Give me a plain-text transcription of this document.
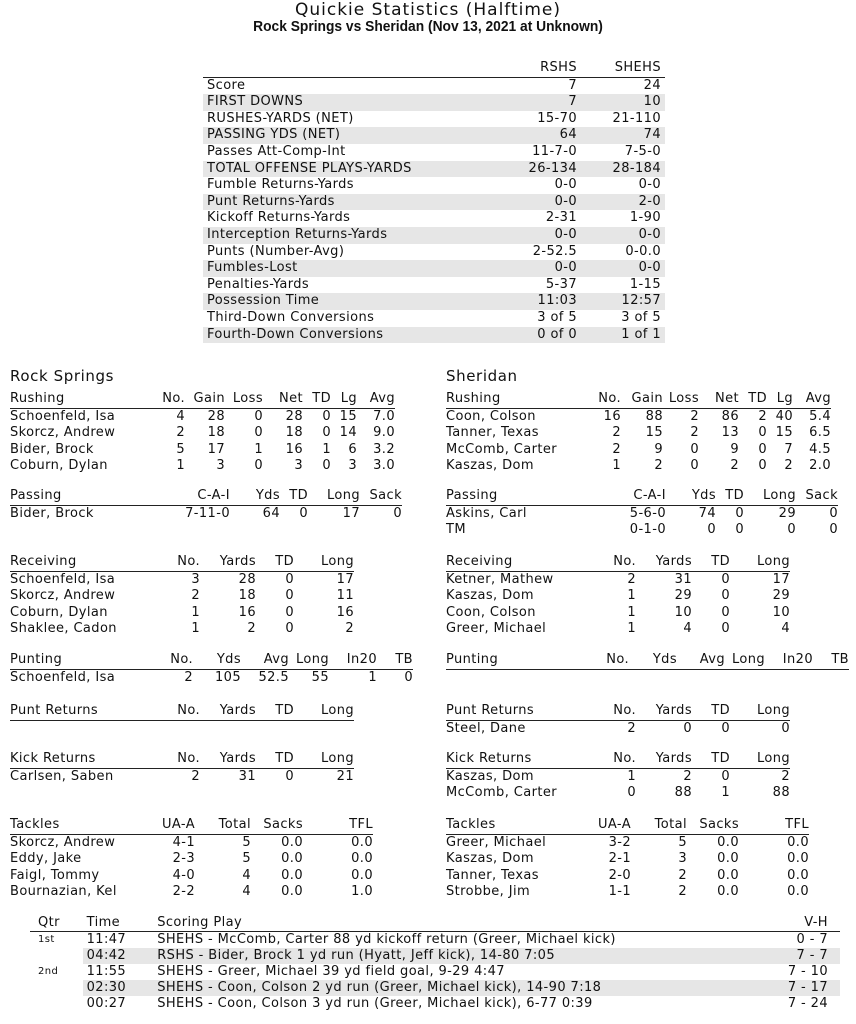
Quickie Statistics (Halftime)
Rock Springs vs Sheridan (Nov 13, 2021 at Unknown)
	RSHS	SHEHS
Score	7	24
FIRST DOWNS	7	10
RUSHES-YARDS (NET)	15-70	21-110
PASSING YDS (NET)	64	74
Passes Att-Comp-Int	11-7-0	7-5-0
TOTAL OFFENSE PLAYS-YARDS	26-134	28-184
Fumble Returns-Yards	0-0	0-0
Punt Returns-Yards	0-0	2-0
Kickoff Returns-Yards	2-31	1-90
Interception Returns-Yards	0-0	0-0
Punts (Number-Avg)	2-52.5	0-0.0
Fumbles-Lost	0-0	0-0
Penalties-Yards	5-37	1-15
Possession Time	11:03	12:57
Third-Down Conversions	3 of 5	3 of 5
Fourth-Down Conversions	0 of 0	1 of 1
Rock Springs	Sheridan
Rushing	No.	Gain	Loss	Net	TD	Lg	Avg
Schoenfeld, Isa	4	28	0	28	0	15	7.0
Skorcz, Andrew	2	18	0	18	0	14	9.0
Bider, Brock	5	17	1	16	1	6	3.2
Coburn, Dylan	1	3	0	3	0	3	3.0
Passing	C-A-I	Yds	TD	Long	Sack
Bider, Brock	7-11-0	64	0	17	0
Receiving	No.	Yards	TD	Long
Schoenfeld, Isa	3	28	0	17
Skorcz, Andrew	2	18	0	11
Coburn, Dylan	1	16	0	16
Shaklee, Cadon	1	2	0	2
Punting	No.	Yds	Avg	Long	In20	TB
Schoenfeld, Isa	2	105	52.5	55	1	0
Punt Returns	No.	Yards	TD	Long
Kick Returns	No.	Yards	TD	Long
Carlsen, Saben	2	31	0	21
Tackles	UA-A	Total	Sacks	TFL
Skorcz, Andrew	4-1	5	0.0	0.0
Eddy, Jake	2-3	5	0.0	0.0
Faigl, Tommy	4-0	4	0.0	0.0
Bournazian, Kel	2-2	4	0.0	1.0
Rushing	No.	Gain	Loss	Net	TD	Lg	Avg
Coon, Colson	16	88	2	86	2	40	5.4
Tanner, Texas	2	15	2	13	0	15	6.5
McComb, Carter	2	9	0	9	0	7	4.5
Kaszas, Dom	1	2	0	2	0	2	2.0
Passing	C-A-I	Yds	TD	Long	Sack
Askins, Carl	5-6-0	74	0	29	0
TM	0-1-0	0	0	0	0
Receiving	No.	Yards	TD	Long
Ketner, Mathew	2	31	0	17
Kaszas, Dom	1	29	0	29
Coon, Colson	1	10	0	10
Greer, Michael	1	4	0	4
Punting	No.	Yds	Avg	Long	In20	TB
Punt Returns	No.	Yards	TD	Long
Steel, Dane	2	0	0	0
Kick Returns	No.	Yards	TD	Long
Kaszas, Dom	1	2	0	2
McComb, Carter	0	88	1	88
Tackles	UA-A	Total	Sacks	TFL
Greer, Michael	3-2	5	0.0	0.0
Kaszas, Dom	2-1	3	0.0	0.0
Tanner, Texas	2-0	2	0.0	0.0
Strobbe, Jim	1-1	2	0.0	0.0
Qtr	Time	Scoring Play	V-H
1st	11:47	SHEHS - McComb, Carter 88 yd kickoff return (Greer, Michael kick)	0 - 7
	04:42	RSHS - Bider, Brock 1 yd run (Hyatt, Jeff kick), 14-80 7:05	7 - 7
2nd	11:55	SHEHS - Greer, Michael 39 yd field goal, 9-29 4:47	7 - 10
	02:30	SHEHS - Coon, Colson 2 yd run (Greer, Michael kick), 14-90 7:18	7 - 17
	00:27	SHEHS - Coon, Colson 3 yd run (Greer, Michael kick), 6-77 0:39	7 - 24
